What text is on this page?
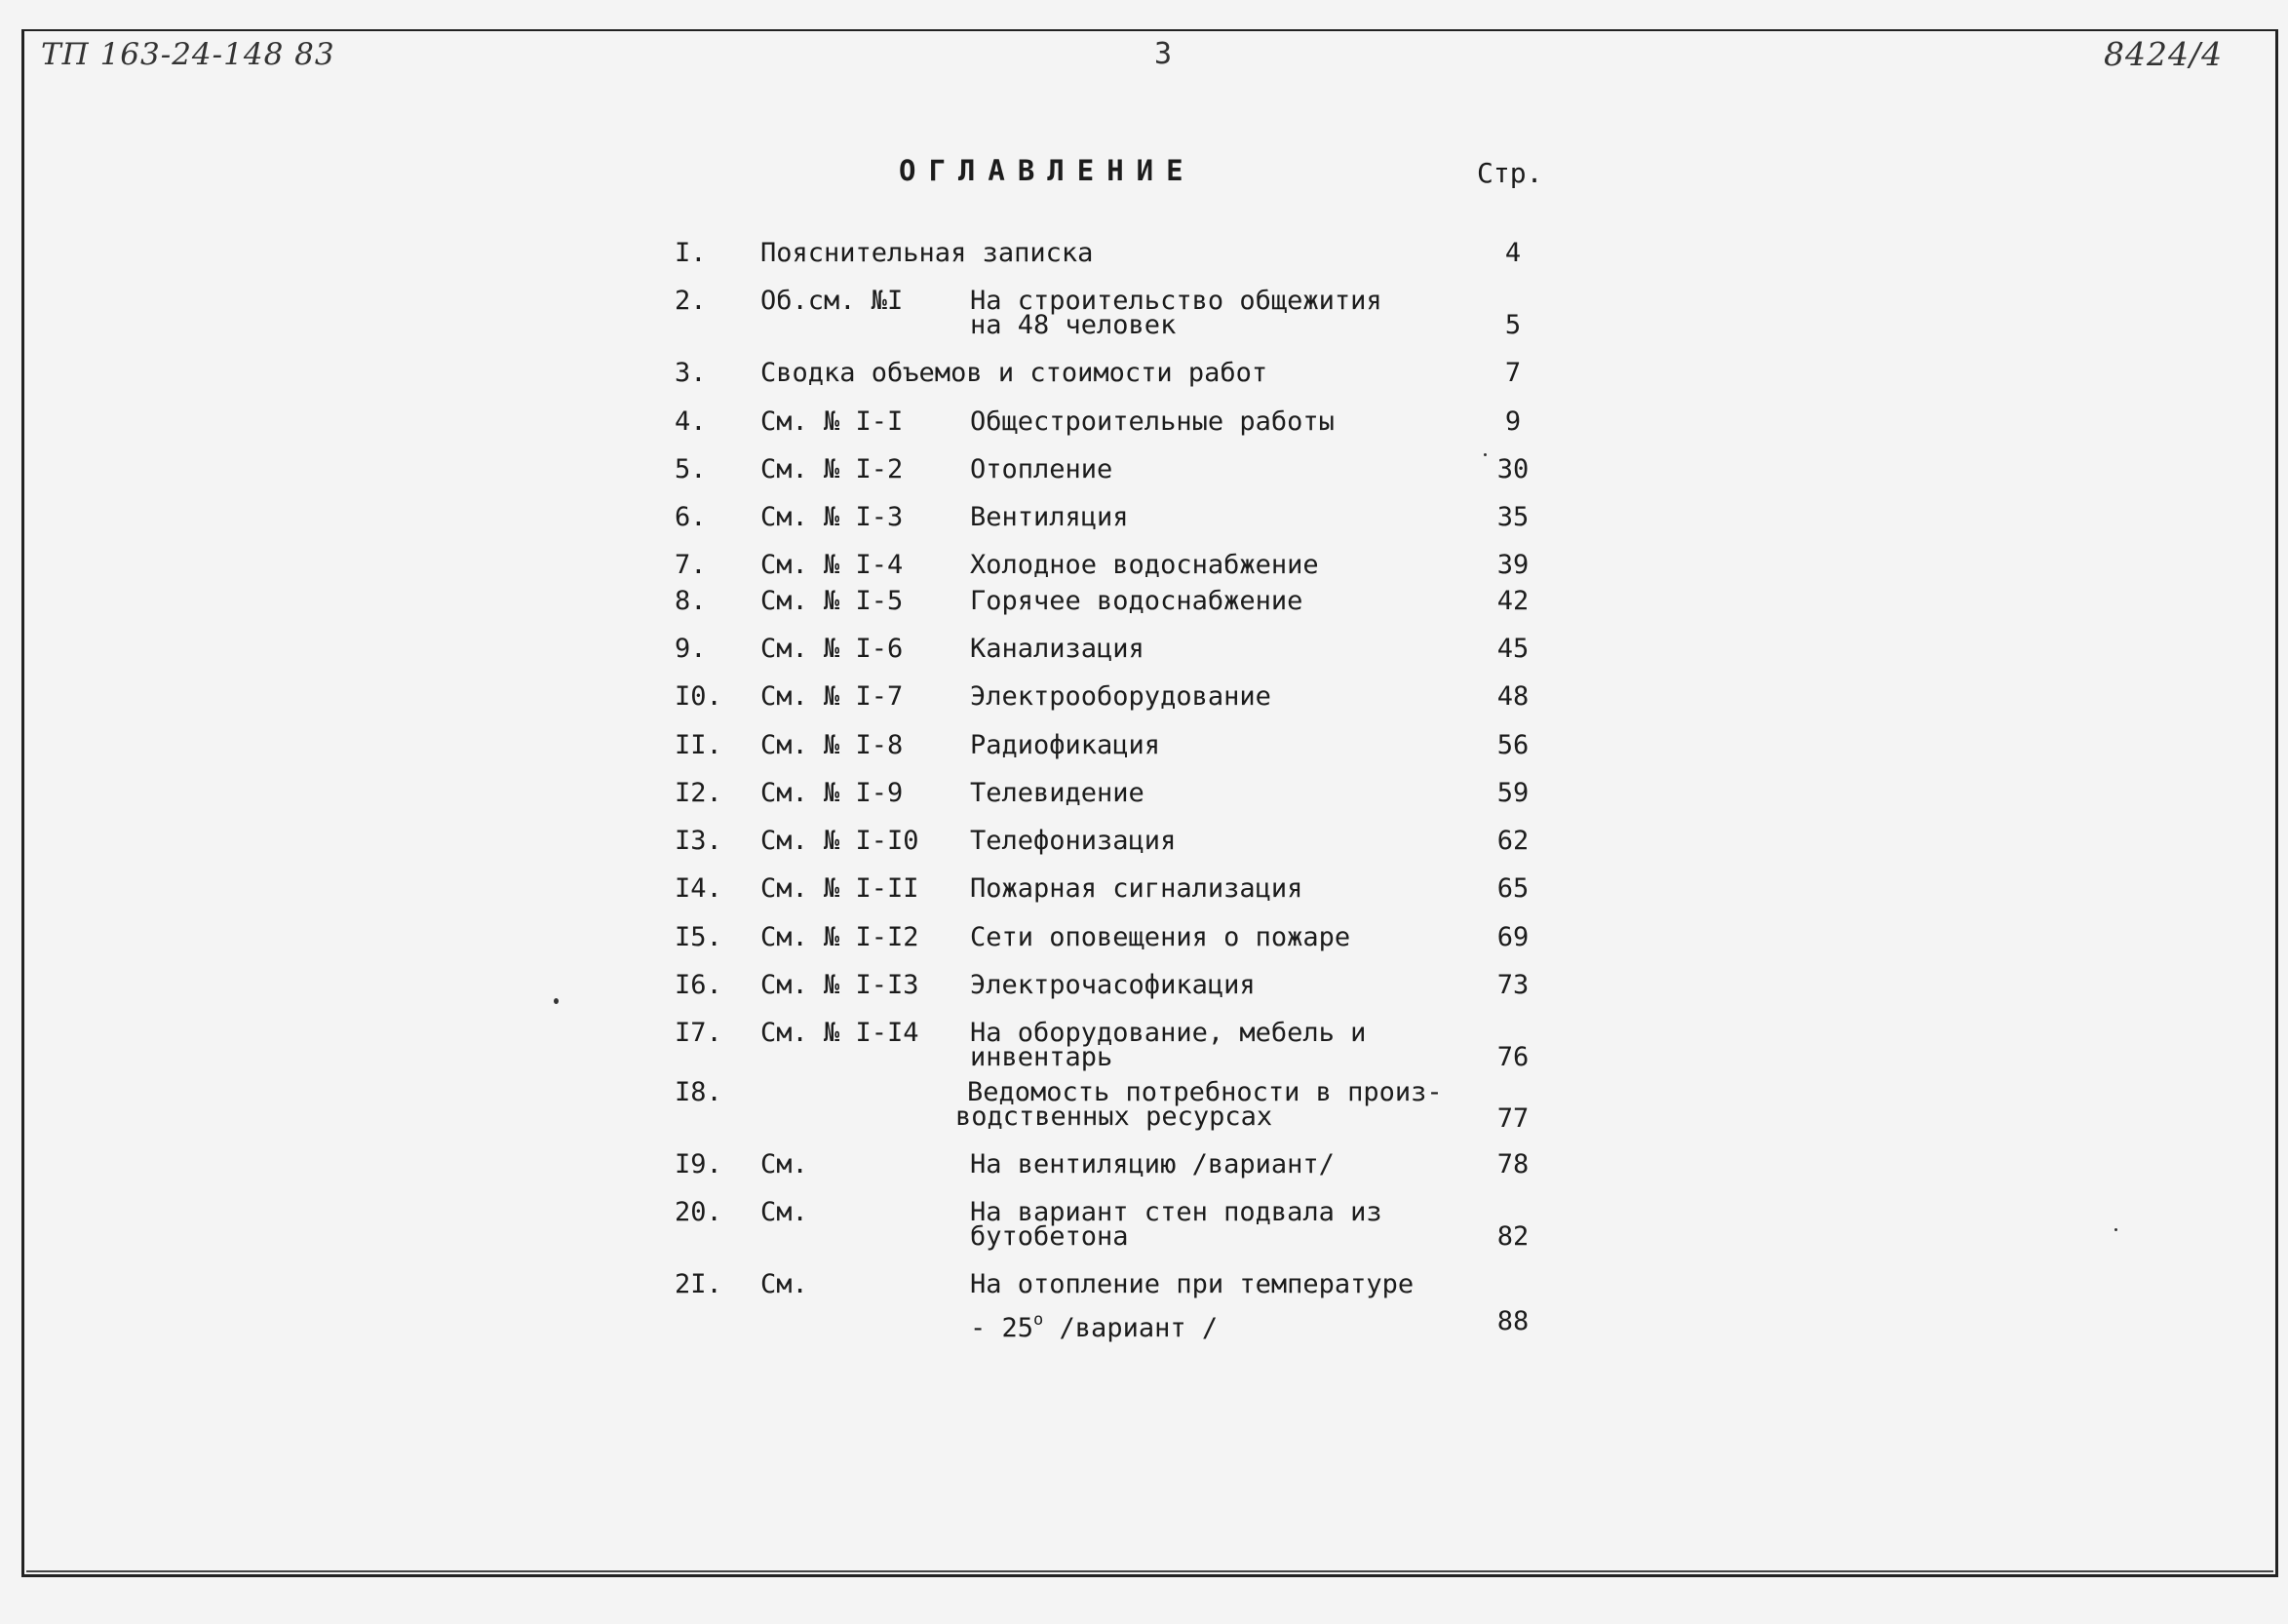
ТП 163-24-148 83	3	8424/4
ОГЛАВЛЕНИЕ	Стр.
I. Пояснительная записка	4
2. Об.см. №I	На строительство общежития
на 48 человек	5
3. Сводка объемов и стоимости работ	7
4. См. № I-I	Общестроительные работы	9
5. См. № I-2	Отопление	30
6. См. № I-3	Вентиляция	35
7. См. № I-4	Холодное водоснабжение	39
8. См. № I-5	Горячее водоснабжение	42
9. См. № I-6	Канализация	45
I0. См. № I-7	Электрооборудование	48
II. См. № I-8	Радиофикация	56
I2. См. № I-9	Телевидение	59
I3. См. № I-I0 Телефонизация	62
I4. См. № I-II Пожарная сигнализация	65
I5. См. № I-I2 Сети оповещения о пожаре	69
I6. См. № I-I3 Электрочасофикация	73
I7. См. № I-I4 На оборудование, мебель и
инвентарь	76
I8.	Ведомость потребности в произ-
водственных ресурсах	77
I9. См.	На вентиляцию /вариант/	78
20. См.	На вариант стен подвала из
бутобетона	82
2I. См.	На отопление при температуре
- $25^о$ /вариант /	88
